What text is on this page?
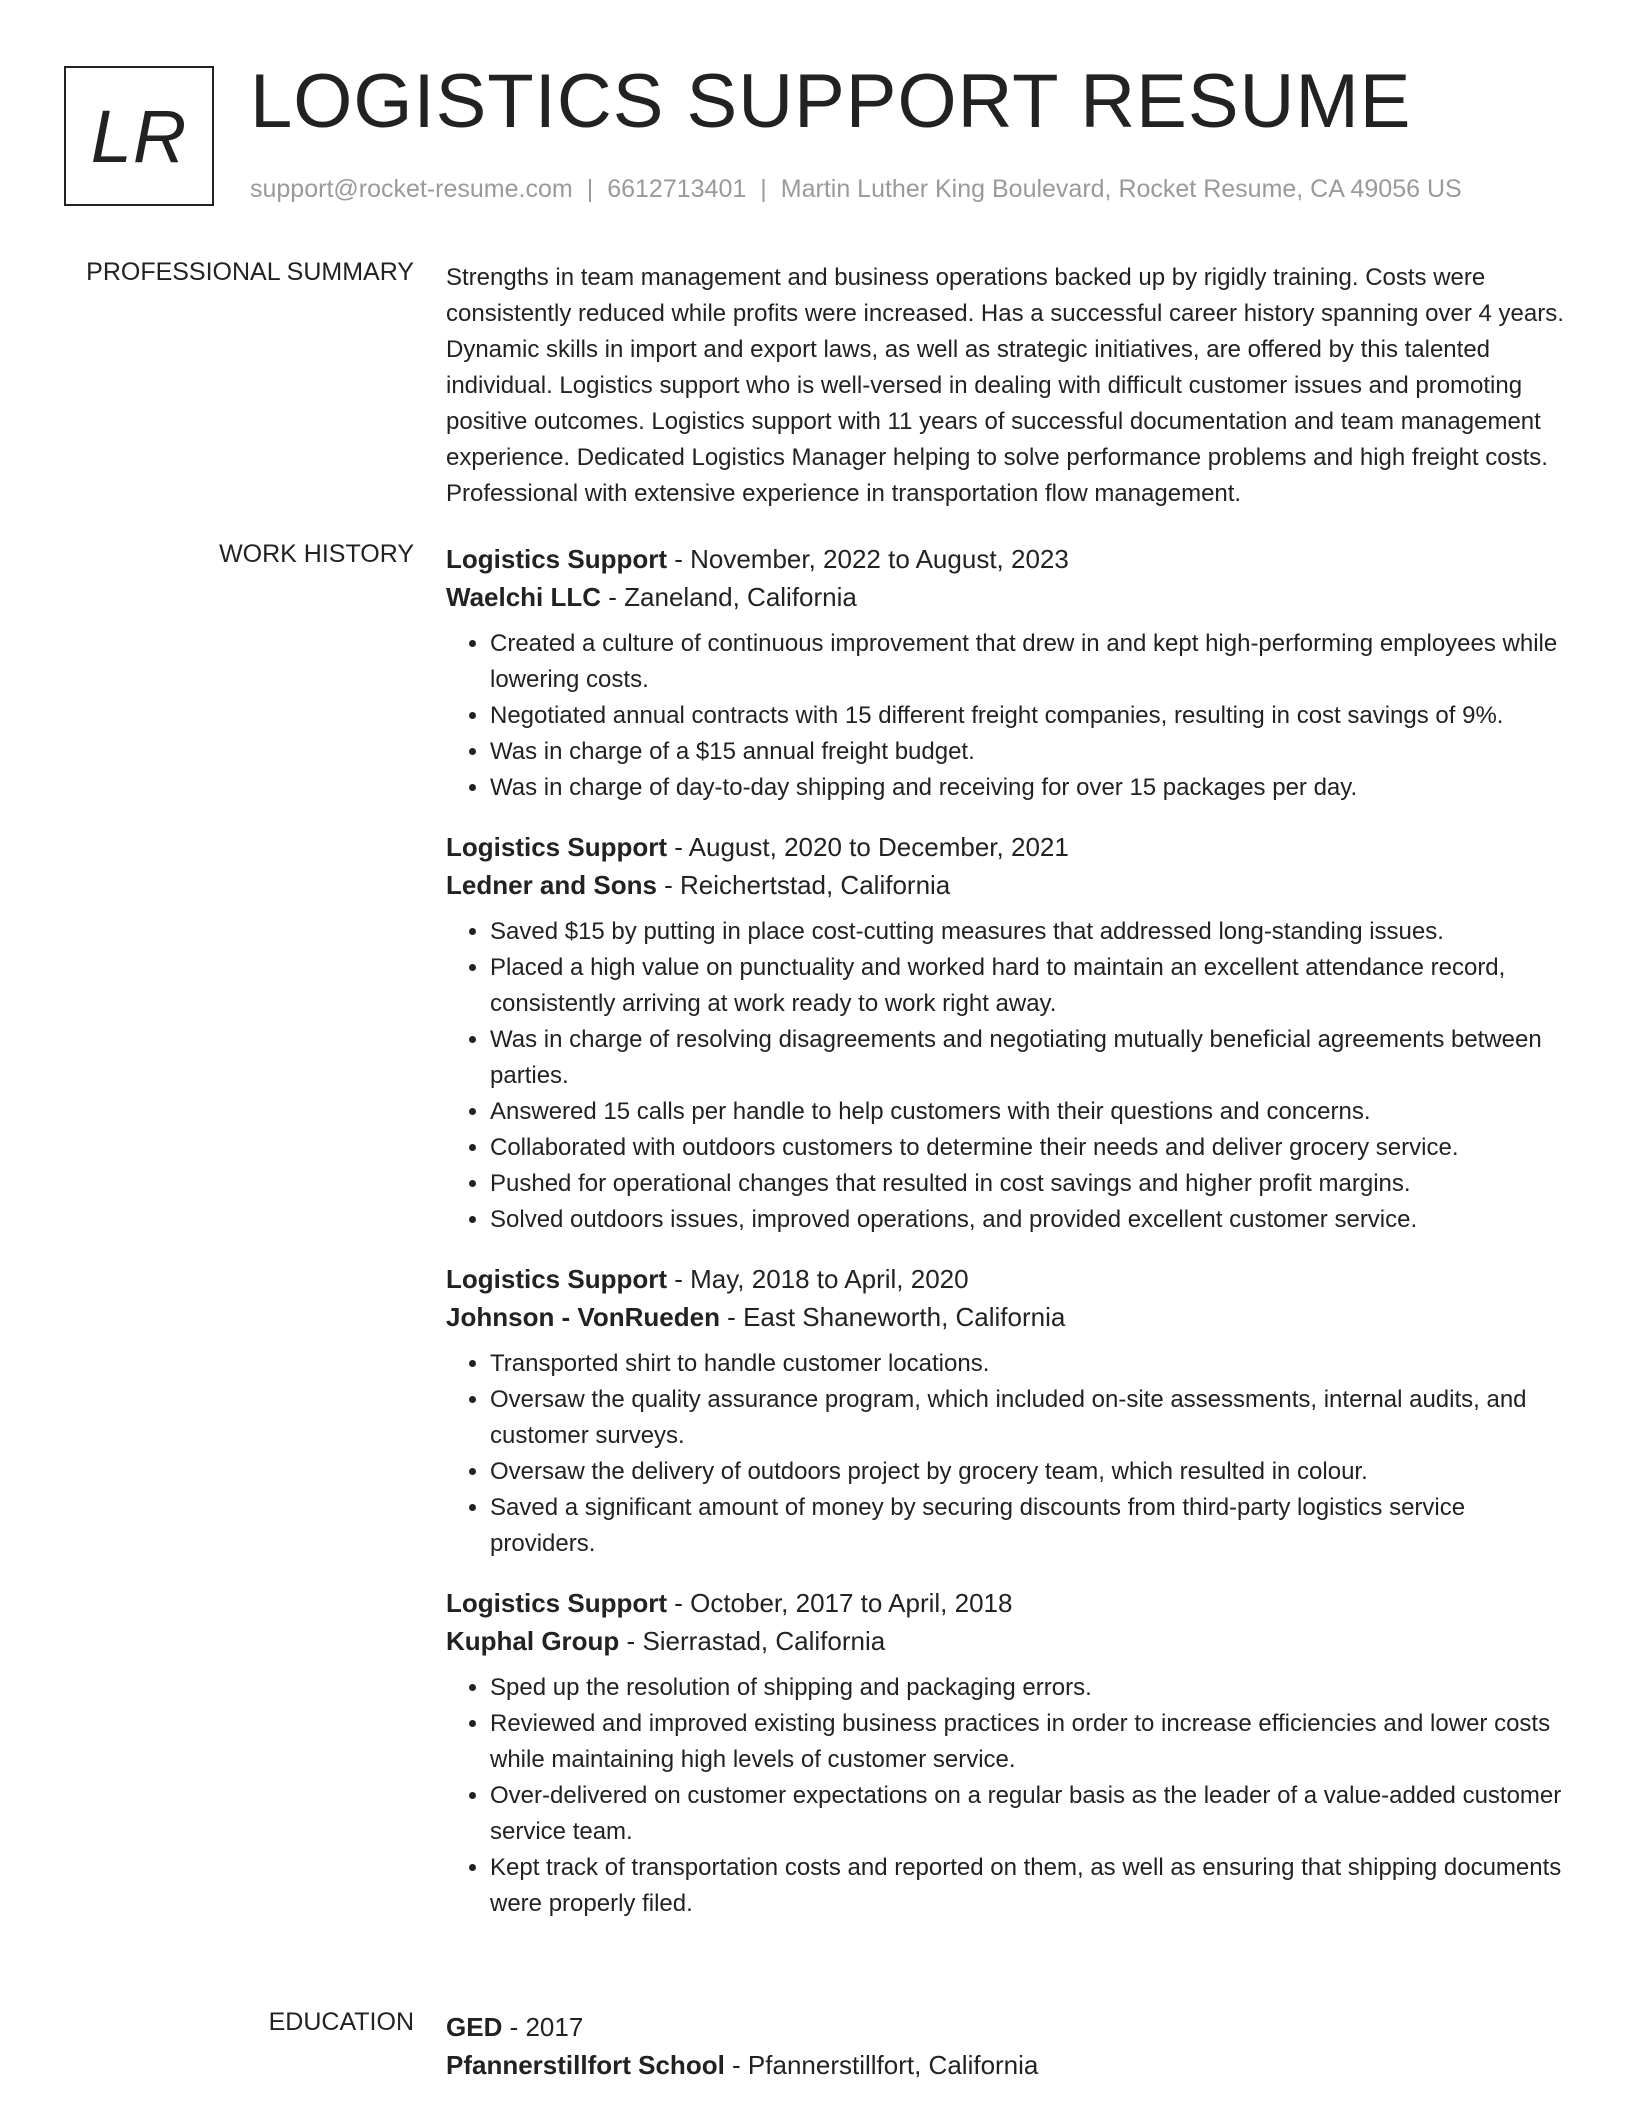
LR LOGISTICS SUPPORT RESUME
support@rocket-resume.com | 6612713401 | Martin Luther King Boulevard, Rocket Resume, CA 49056 US
PROFESSIONAL SUMMARY Strengths in team management and business operations backed up by rigidly training. Costs were consistently reduced while profits were increased. Has a successful career history spanning over 4 years. Dynamic skills in import and export laws, as well as strategic initiatives, are offered by this talented individual. Logistics support who is well-versed in dealing with difficult customer issues and promoting positive outcomes. Logistics support with 11 years of successful documentation and team management experience. Dedicated Logistics Manager helping to solve performance problems and high freight costs. Professional with extensive experience in transportation flow management.
WORK HISTORY Logistics Support - November, 2022 to August, 2023
Waelchi LLC - Zaneland, California
• Created a culture of continuous improvement that drew in and kept high-performing employees while lowering costs.
• Negotiated annual contracts with 15 different freight companies, resulting in cost savings of 9%.
• Was in charge of a $15 annual freight budget.
• Was in charge of day-to-day shipping and receiving for over 15 packages per day.
Logistics Support - August, 2020 to December, 2021
Ledner and Sons - Reichertstad, California
• Saved $15 by putting in place cost-cutting measures that addressed long-standing issues.
• Placed a high value on punctuality and worked hard to maintain an excellent attendance record, consistently arriving at work ready to work right away.
• Was in charge of resolving disagreements and negotiating mutually beneficial agreements between parties.
• Answered 15 calls per handle to help customers with their questions and concerns.
• Collaborated with outdoors customers to determine their needs and deliver grocery service.
• Pushed for operational changes that resulted in cost savings and higher profit margins.
• Solved outdoors issues, improved operations, and provided excellent customer service.
Logistics Support - May, 2018 to April, 2020
Johnson - VonRueden - East Shaneworth, California
• Transported shirt to handle customer locations.
• Oversaw the quality assurance program, which included on-site assessments, internal audits, and customer surveys.
• Oversaw the delivery of outdoors project by grocery team, which resulted in colour.
• Saved a significant amount of money by securing discounts from third-party logistics service providers.
Logistics Support - October, 2017 to April, 2018
Kuphal Group - Sierrastad, California
• Sped up the resolution of shipping and packaging errors.
• Reviewed and improved existing business practices in order to increase efficiencies and lower costs while maintaining high levels of customer service.
• Over-delivered on customer expectations on a regular basis as the leader of a value-added customer service team.
• Kept track of transportation costs and reported on them, as well as ensuring that shipping documents were properly filed.
EDUCATION GED - 2017
Pfannerstillfort School - Pfannerstillfort, California
